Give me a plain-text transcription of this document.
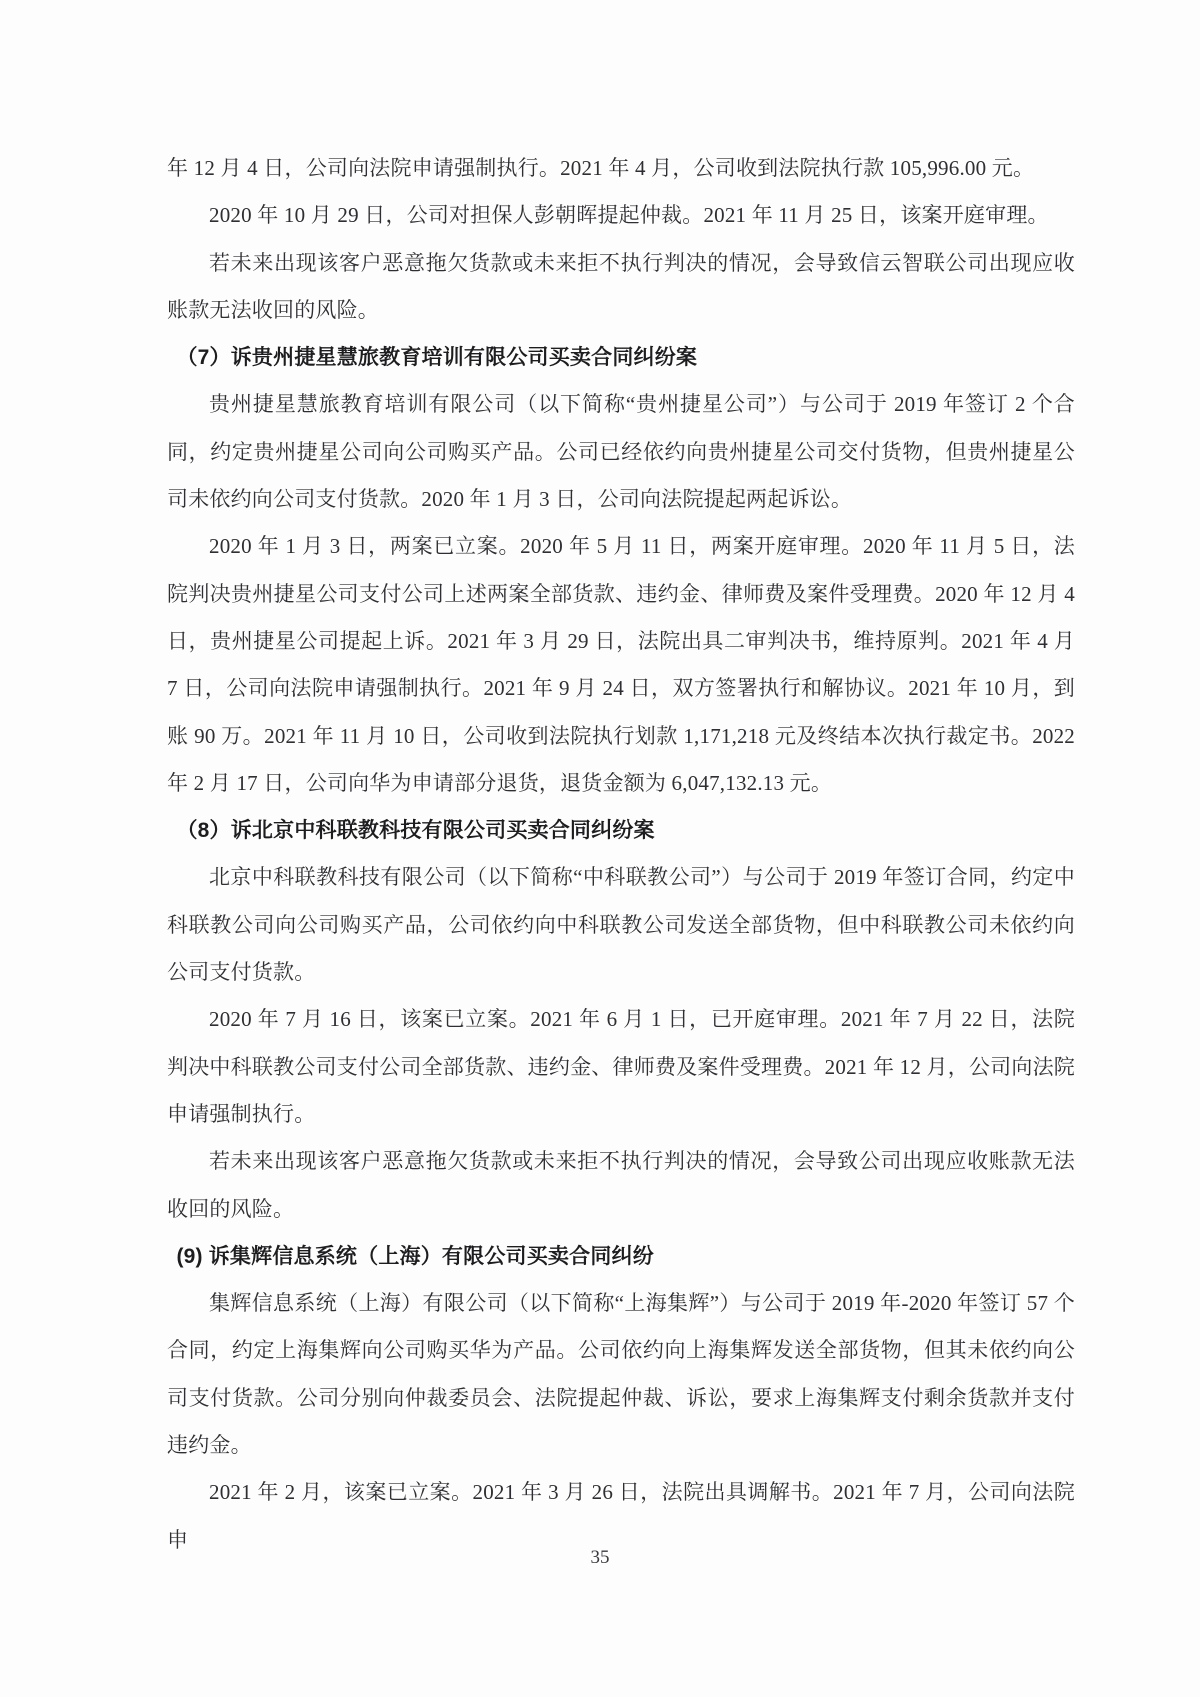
年 12 月 4 日，公司向法院申请强制执行。2021 年 4 月，公司收到法院执行款 105,996.00 元。

2020 年 10 月 29 日，公司对担保人彭朝晖提起仲裁。2021 年 11 月 25 日，该案开庭审理。

若未来出现该客户恶意拖欠货款或未来拒不执行判决的情况，会导致信云智联公司出现应收账款无法收回的风险。

（7）诉贵州捷星慧旅教育培训有限公司买卖合同纠纷案

贵州捷星慧旅教育培训有限公司（以下简称“贵州捷星公司”）与公司于 2019 年签订 2 个合同，约定贵州捷星公司向公司购买产品。公司已经依约向贵州捷星公司交付货物，但贵州捷星公司未依约向公司支付货款。2020 年 1 月 3 日，公司向法院提起两起诉讼。

2020 年 1 月 3 日，两案已立案。2020 年 5 月 11 日，两案开庭审理。2020 年 11 月 5 日，法院判决贵州捷星公司支付公司上述两案全部货款、违约金、律师费及案件受理费。2020 年 12 月 4 日，贵州捷星公司提起上诉。2021 年 3 月 29 日，法院出具二审判决书，维持原判。2021 年 4 月 7 日，公司向法院申请强制执行。2021 年 9 月 24 日，双方签署执行和解协议。2021 年 10 月，到账 90 万。2021 年 11 月 10 日，公司收到法院执行划款 1,171,218 元及终结本次执行裁定书。2022 年 2 月 17 日，公司向华为申请部分退货，退货金额为 6,047,132.13 元。

（8）诉北京中科联教科技有限公司买卖合同纠纷案

北京中科联教科技有限公司（以下简称“中科联教公司”）与公司于 2019 年签订合同，约定中科联教公司向公司购买产品，公司依约向中科联教公司发送全部货物，但中科联教公司未依约向公司支付货款。

2020 年 7 月 16 日，该案已立案。2021 年 6 月 1 日，已开庭审理。2021 年 7 月 22 日，法院判决中科联教公司支付公司全部货款、违约金、律师费及案件受理费。2021 年 12 月，公司向法院申请强制执行。

若未来出现该客户恶意拖欠货款或未来拒不执行判决的情况，会导致公司出现应收账款无法收回的风险。

(9) 诉集辉信息系统（上海）有限公司买卖合同纠纷

集辉信息系统（上海）有限公司（以下简称“上海集辉”）与公司于 2019 年-2020 年签订 57 个合同，约定上海集辉向公司购买华为产品。公司依约向上海集辉发送全部货物，但其未依约向公司支付货款。公司分别向仲裁委员会、法院提起仲裁、诉讼，要求上海集辉支付剩余货款并支付违约金。

2021 年 2 月，该案已立案。2021 年 3 月 26 日，法院出具调解书。2021 年 7 月，公司向法院申

35
